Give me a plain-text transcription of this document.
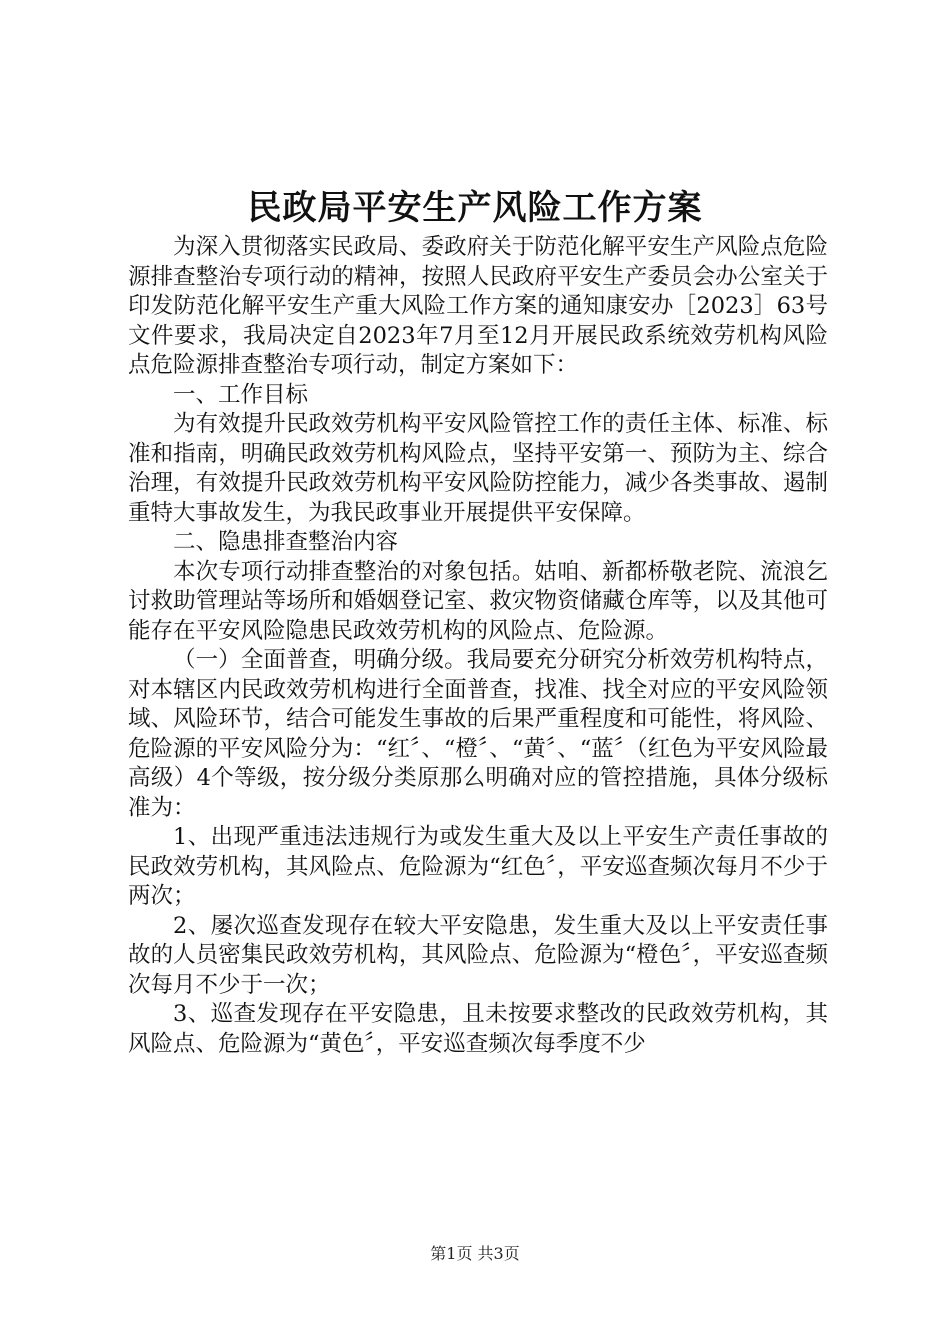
民政局平安生产风险工作方案

为深入贯彻落实民政局、委政府关于防范化解平安生产风险点危险源排查整治专项行动的精神，按照人民政府平安生产委员会办公室关于印发防范化解平安生产重大风险工作方案的通知康安办［2023］63号文件要求，我局决定自2023年7月至12月开展民政系统效劳机构风险点危险源排查整治专项行动，制定方案如下：

一、工作目标

为有效提升民政效劳机构平安风险管控工作的责任主体、标准、标准和指南，明确民政效劳机构风险点，坚持平安第一、预防为主、综合治理，有效提升民政效劳机构平安风险防控能力，减少各类事故、遏制重特大事故发生，为我民政事业开展提供平安保障。

二、隐患排查整治内容

本次专项行动排查整治的对象包括。姑咱、新都桥敬老院、流浪乞讨救助管理站等场所和婚姻登记室、救灾物资储藏仓库等，以及其他可能存在平安风险隐患民政效劳机构的风险点、危险源。

（一）全面普查，明确分级。我局要充分研究分析效劳机构特点，对本辖区内民政效劳机构进行全面普查，找准、找全对应的平安风险领域、风险环节，结合可能发生事故的后果严重程度和可能性，将风险、危险源的平安风险分为：“红〞、“橙〞、“黄〞、“蓝〞（红色为平安风险最高级）4个等级，按分级分类原那么明确对应的管控措施，具体分级标准为：

1、出现严重违法违规行为或发生重大及以上平安生产责任事故的民政效劳机构，其风险点、危险源为“红色〞，平安巡查频次每月不少于两次；

2、屡次巡查发现存在较大平安隐患，发生重大及以上平安责任事故的人员密集民政效劳机构，其风险点、危险源为“橙色〞，平安巡查频次每月不少于一次；

3、巡查发现存在平安隐患，且未按要求整改的民政效劳机构，其风险点、危险源为“黄色〞，平安巡查频次每季度不少

第1页 共3页
